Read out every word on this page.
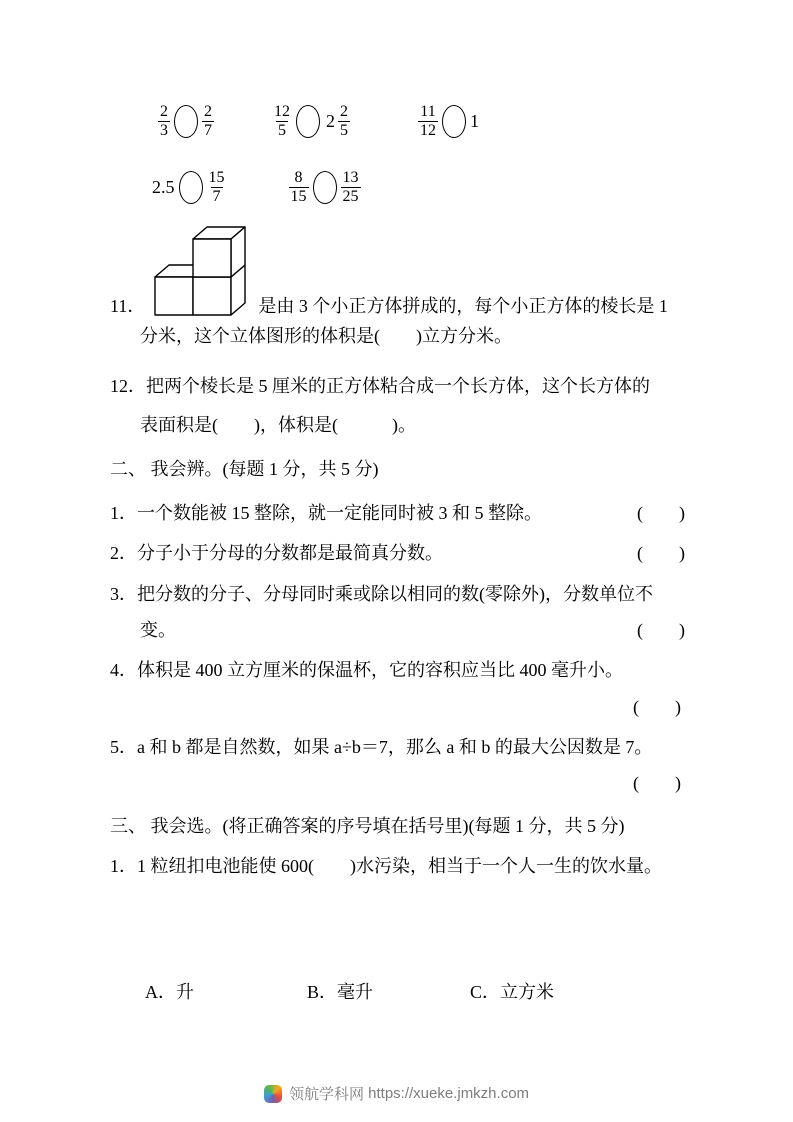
$\frac{2}{3} \frac{2}{7}$	$\frac{12}{5} 2 \frac{2}{5}$	$\frac{11}{12} 1$
$2.5 \frac{15}{7}$	$\frac{8}{15} \frac{13}{25}$
11．	是由 3 个小正方体拼成的，每个小正方体的棱长是 1
分米，这个立体图形的体积是(　　)立方分米。
12．把两个棱长是 5 厘米的正方体粘合成一个长方体，这个长方体的
表面积是(　　)，体积是(　　　)。
二、 我会辨。(每题 1 分，共 5 分)
1．一个数能被 15 整除，就一定能同时被 3 和 5 整除。	(　　)
2．分子小于分母的分数都是最简真分数。	(　　)
3．把分数的分子、分母同时乘或除以相同的数(零除外)，分数单位不
变。	(　　)
4．体积是 400 立方厘米的保温杯，它的容积应当比 400 毫升小。
(　　)
5．a 和 b 都是自然数，如果 a÷b＝7，那么 a 和 b 的最大公因数是 7。
(　　)
三、 我会选。(将正确答案的序号填在括号里)(每题 1 分，共 5 分)
1．1 粒纽扣电池能使 600(　　)水污染，相当于一个人一生的饮水量。
A．升	B．毫升	C．立方米
领航学科网
https://xueke.jmkzh.com
